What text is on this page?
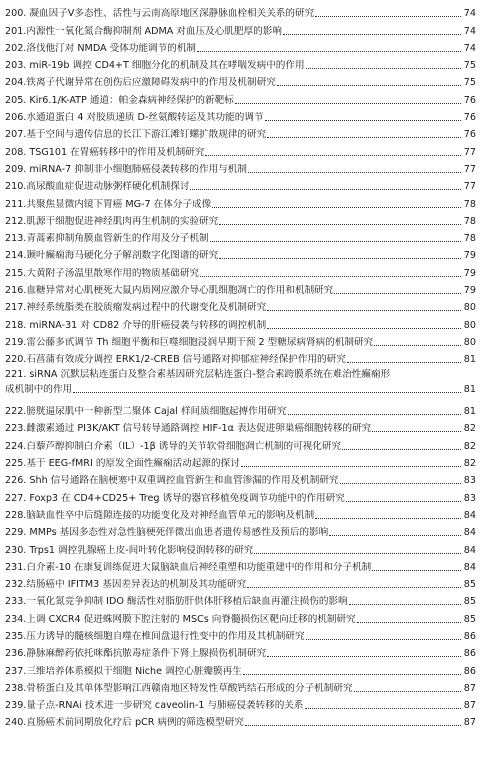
200. 凝血因子Ⅴ多态性、活性与云南高原地区深静脉血栓相关关系的研究	74
201.内源性一氧化氮合酶抑制剂 ADMA 对血压及心肌肥厚的影响	74
202.洛伐他汀对 NMDA 受体功能调节的机制	74
203. miR-19b 调控 CD4+T 细胞分化的机制及其在哮喘发病中的作用	75
204.铁离子代谢异常在创伤后应激障碍发病中的作用及机制研究	75
205. Kir6.1/K-ATP 通道：帕金森病神经保护的新靶标	76
206.水通道蛋白 4 对胶质递质 D-丝氨酸转运及其功能的调节	76
207.基于空间与遗传信息的长江下游江滩钉螺扩散规律的研究	76
208. TSG101 在胃癌转移中的作用及机制研究	77
209. miRNA-7 抑制非小细胞肺癌侵袭转移的作用与机制	77
210.高尿酸血症促进动脉粥样硬化机制探讨	77
211.共聚焦显微内镜下胃癌 MG-7 在体分子成像	78
212.肌源干细胞促进神经肌肉再生机制的实验研究	78
213.青蒿素抑制角膜血管新生的作用及分子机制	78
214.颞叶癫痫海马硬化分子解剖数字化图谱的研究	79
215.大黄附子汤温里散寒作用的物质基础研究	79
216.血糖异常对心肌梗死大鼠内质网应激介导心肌细胞凋亡的作用和机制研究	79
217.神经系统脂类在胶质瘤发病过程中的代谢变化及机制研究	80
218. miRNA-31 对 CD82 介导的肝癌侵袭与转移的调控机制	80
219.雷公藤多甙调节 Th 细胞平衡和巨噬细胞浸润早期干预 2 型糖尿病肾病的机制研究	80
220.石菖蒲有效成分调控 ERK1/2-CREB 信号通路对抑郁症神经保护作用的研究	81
221. siRNA 沉默层粘连蛋白及整合素基因研究层粘连蛋白-整合素跨膜系统在难治性癫痫形
成机制中的作用	81
222.膀胱逼尿肌中一种新型二聚体 Cajal 样间质细胞起搏作用研究	81
223.雌激素通过 PI3K/AKT 信号转导通路调控 HIF-1α 表达促进卵巢癌细胞转移的研究	82
224.白藜芦醇抑制白介素（IL）-1β 诱导的关节软骨细胞凋亡机制的可视化研究	82
225.基于 EEG-fMRI 的原发全面性癫痫活动起源的探讨	82
226. Shh 信号通路在脑梗塞中双重调控血管新生和血管渗漏的作用及机制研究	83
227. Foxp3 在 CD4+CD25+ Treg 诱导的器官移植免疫调节功能中的作用研究	83
228.脑缺血性卒中后缝隙连接的功能变化及对神经血管单元的影响及机制	84
229. MMPs 基因多态性对急性脑梗死伴微出血患者遗传易感性及预后的影响	84
230. Trps1 调控乳腺癌上皮-间叶转化影响侵润转移的研究	84
231.白介素-10 在康复训练促进大鼠脑缺血后神经重塑和功能重建中的作用和分子机制	84
232.结肠癌中 IFITM3 基因差异表达的机制及其功能研究	85
233.一氧化氮竞争抑制 IDO 酶活性对脂肪肝供体肝移植后缺血再灌注损伤的影响	85
234.上调 CXCR4 促进蛛网膜下腔注射的 MSCs 向脊髓损伤区靶向迁移的机制研究	85
235.压力诱导的髓核细胞自噬在椎间盘退行性变中的作用及其机制研究	86
236.静脉麻醉药依托咪酯抗脓毒症条件下肾上腺损伤机制研究	86
237.三维培养体系模拟干细胞 Niche 调控心脏瓣膜再生	86
238.骨桥蛋白及其单体型影响江西赣南地区特发性草酸钙结石形成的分子机制研究	87
239.量子点-RNAi 技术进一步研究 caveolin-1 与肺癌侵袭转移的关系	87
240.直肠癌术前同期放化疗后 pCR 病例的筛选模型研究	87
